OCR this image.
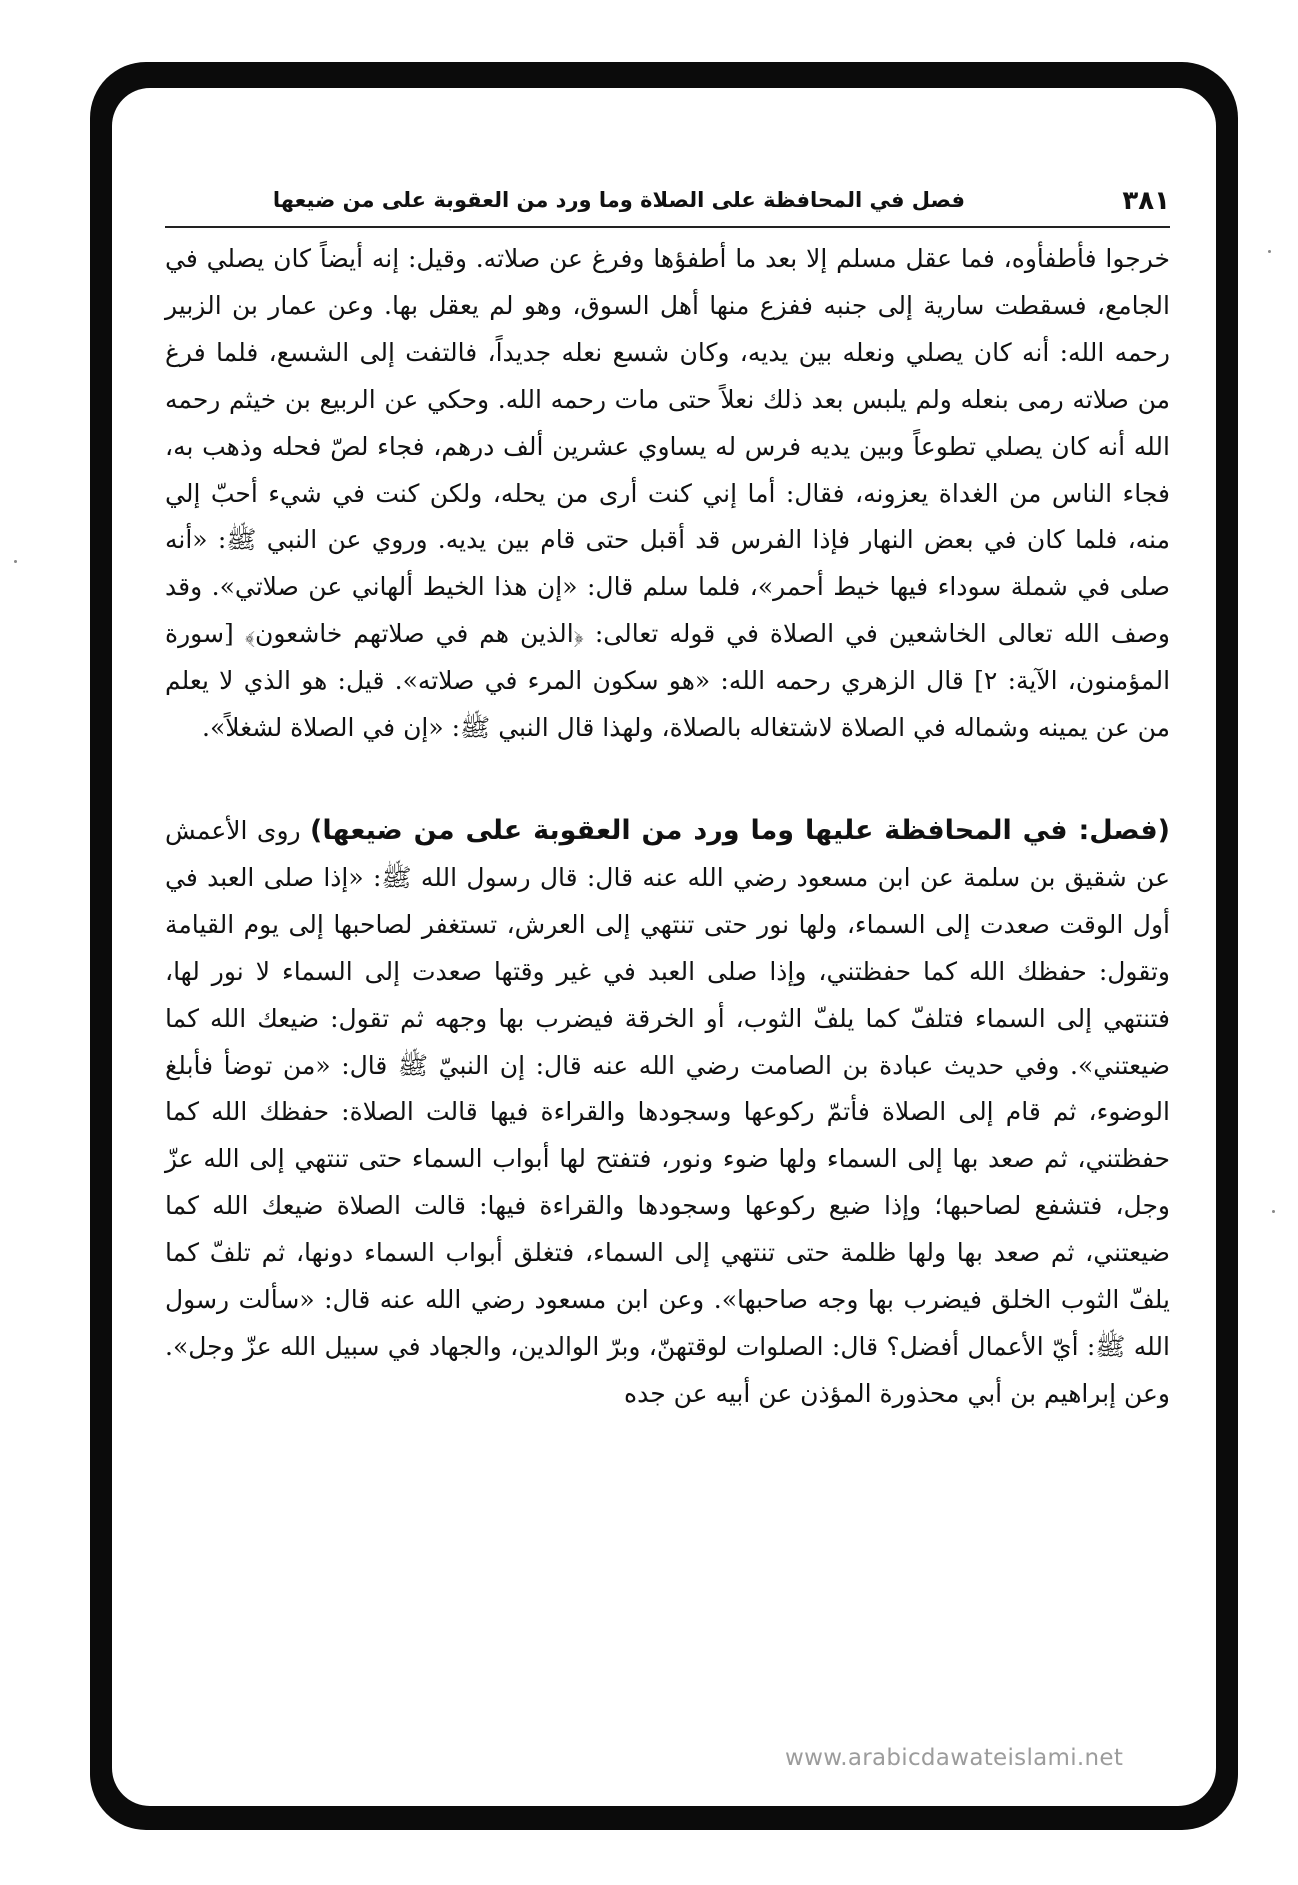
٣٨١
فصل في المحافظة على الصلاة وما ورد من العقوبة على من ضيعها

خرجوا فأطفأوه، فما عقل مسلم إلا بعد ما أطفؤها وفرغ عن صلاته. وقيل: إنه أيضاً كان يصلي في الجامع، فسقطت سارية إلى جنبه ففزع منها أهل السوق، وهو لم يعقل بها. وعن عمار بن الزبير رحمه الله: أنه كان يصلي ونعله بين يديه، وكان شسع نعله جديداً، فالتفت إلى الشسع، فلما فرغ من صلاته رمى بنعله ولم يلبس بعد ذلك نعلاً حتى مات رحمه الله. وحكي عن الربيع بن خيثم رحمه الله أنه كان يصلي تطوعاً وبين يديه فرس له يساوي عشرين ألف درهم، فجاء لصّ فحله وذهب به، فجاء الناس من الغداة يعزونه، فقال: أما إني كنت أرى من يحله، ولكن كنت في شيء أحبّ إلي منه، فلما كان في بعض النهار فإذا الفرس قد أقبل حتى قام بين يديه. وروي عن النبي ﷺ: «أنه صلى في شملة سوداء فيها خيط أحمر»، فلما سلم قال: «إن هذا الخيط ألهاني عن صلاتي». وقد وصف الله تعالى الخاشعين في الصلاة في قوله تعالى: ﴿الذين هم في صلاتهم خاشعون﴾ [سورة المؤمنون، الآية: ٢] قال الزهري رحمه الله: «هو سكون المرء في صلاته». قيل: هو الذي لا يعلم من عن يمينه وشماله في الصلاة لاشتغاله بالصلاة، ولهذا قال النبي ﷺ: «إن في الصلاة لشغلاً».

(فصل: في المحافظة عليها وما ورد من العقوبة على من ضيعها) روى الأعمش عن شقيق بن سلمة عن ابن مسعود رضي الله عنه قال: قال رسول الله ﷺ: «إذا صلى العبد في أول الوقت صعدت إلى السماء، ولها نور حتى تنتهي إلى العرش، تستغفر لصاحبها إلى يوم القيامة وتقول: حفظك الله كما حفظتني، وإذا صلى العبد في غير وقتها صعدت إلى السماء لا نور لها، فتنتهي إلى السماء فتلفّ كما يلفّ الثوب، أو الخرقة فيضرب بها وجهه ثم تقول: ضيعك الله كما ضيعتني». وفي حديث عبادة بن الصامت رضي الله عنه قال: إن النبيّ ﷺ قال: «من توضأ فأبلغ الوضوء، ثم قام إلى الصلاة فأتمّ ركوعها وسجودها والقراءة فيها قالت الصلاة: حفظك الله كما حفظتني، ثم صعد بها إلى السماء ولها ضوء ونور، فتفتح لها أبواب السماء حتى تنتهي إلى الله عزّ وجل، فتشفع لصاحبها؛ وإذا ضيع ركوعها وسجودها والقراءة فيها: قالت الصلاة ضيعك الله كما ضيعتني، ثم صعد بها ولها ظلمة حتى تنتهي إلى السماء، فتغلق أبواب السماء دونها، ثم تلفّ كما يلفّ الثوب الخلق فيضرب بها وجه صاحبها». وعن ابن مسعود رضي الله عنه قال: «سألت رسول الله ﷺ: أيّ الأعمال أفضل؟ قال: الصلوات لوقتهنّ، وبرّ الوالدين، والجهاد في سبيل الله عزّ وجل». وعن إبراهيم بن أبي محذورة المؤذن عن أبيه عن جده

www.arabicdawateislami.net
